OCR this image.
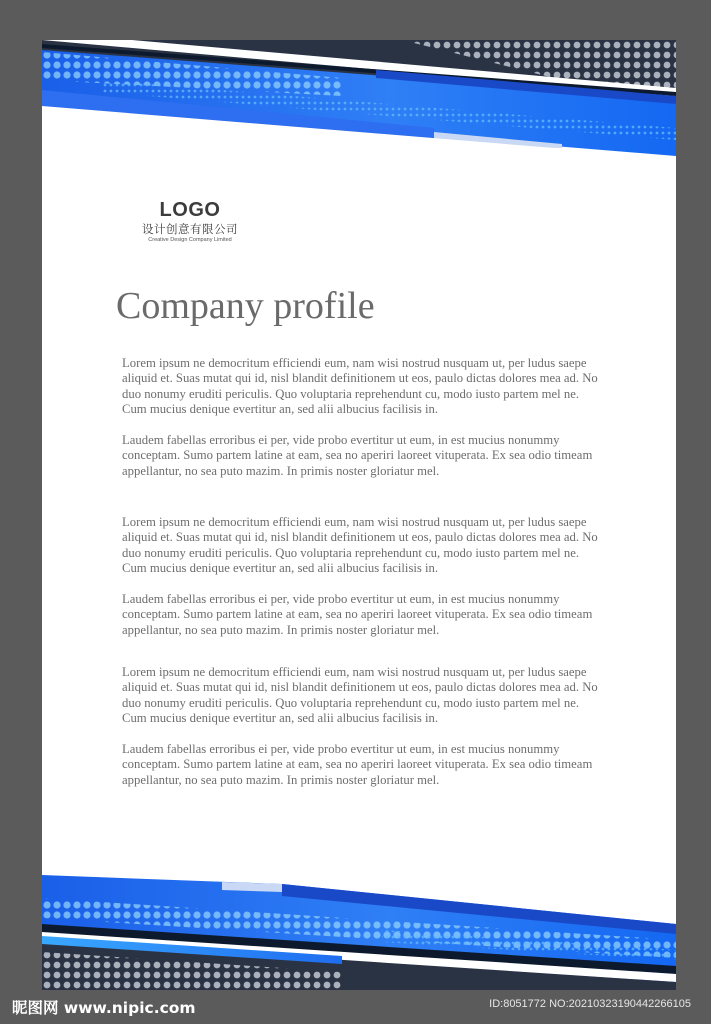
LOGO
设计创意有限公司
Creative Design Company Limited
Company profile
Lorem ipsum ne democritum efficiendi eum, nam wisi nostrud nusquam ut, per ludus saepe aliquid et. Suas mutat qui id, nisl blandit definitionem ut eos, paulo dictas dolores mea ad. No duo nonumy eruditi periculis. Quo voluptaria reprehendunt cu, modo iusto partem mel ne. Cum mucius denique evertitur an, sed alii albucius facilisis in.
Laudem fabellas erroribus ei per, vide probo evertitur ut eum, in est mucius nonummy conceptam. Sumo partem latine at eam, sea no aperiri laoreet vituperata. Ex sea odio timeam appellantur, no sea puto mazim. In primis noster gloriatur mel.
Lorem ipsum ne democritum efficiendi eum, nam wisi nostrud nusquam ut, per ludus saepe aliquid et. Suas mutat qui id, nisl blandit definitionem ut eos, paulo dictas dolores mea ad. No duo nonumy eruditi periculis. Quo voluptaria reprehendunt cu, modo iusto partem mel ne. Cum mucius denique evertitur an, sed alii albucius facilisis in.
Laudem fabellas erroribus ei per, vide probo evertitur ut eum, in est mucius nonummy conceptam. Sumo partem latine at eam, sea no aperiri laoreet vituperata. Ex sea odio timeam appellantur, no sea puto mazim. In primis noster gloriatur mel.
Lorem ipsum ne democritum efficiendi eum, nam wisi nostrud nusquam ut, per ludus saepe aliquid et. Suas mutat qui id, nisl blandit definitionem ut eos, paulo dictas dolores mea ad. No duo nonumy eruditi periculis. Quo voluptaria reprehendunt cu, modo iusto partem mel ne. Cum mucius denique evertitur an, sed alii albucius facilisis in.
Laudem fabellas erroribus ei per, vide probo evertitur ut eum, in est mucius nonummy conceptam. Sumo partem latine at eam, sea no aperiri laoreet vituperata. Ex sea odio timeam appellantur, no sea puto mazim. In primis noster gloriatur mel.
昵图网 www.nipic.com	ID:8051772 NO:20210323190442266105
